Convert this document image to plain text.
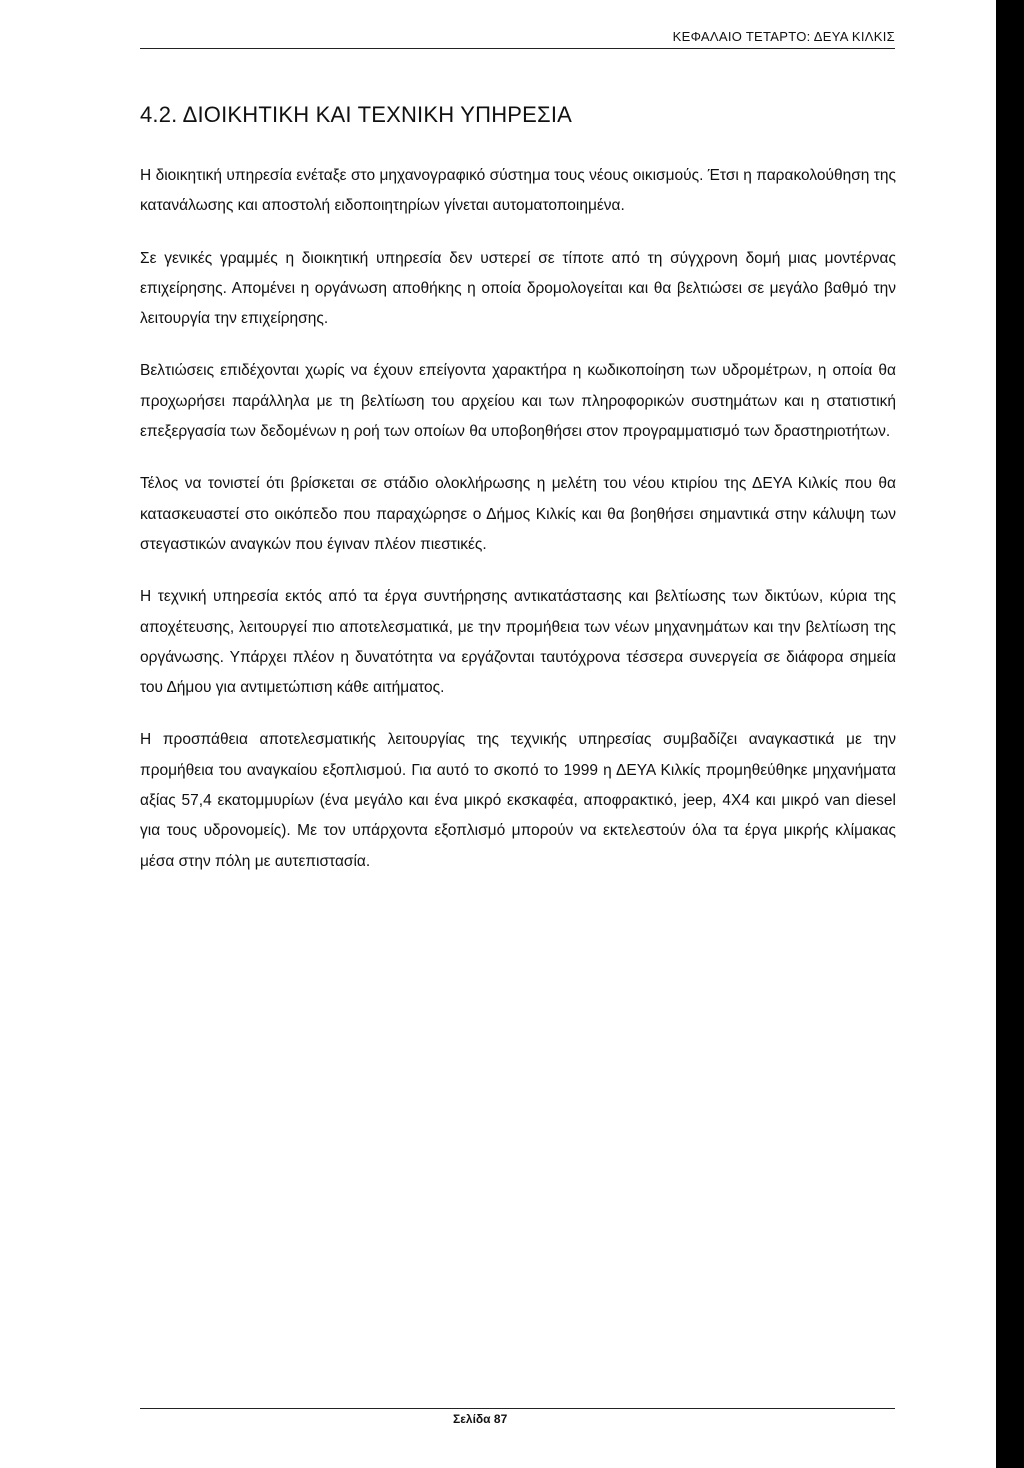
ΚΕΦΑΛΑΙΟ ΤΕΤΑΡΤΟ: ΔΕΥΑ ΚΙΛΚΙΣ
4.2. ΔΙΟΙΚΗΤΙΚΗ ΚΑΙ ΤΕΧΝΙΚΗ ΥΠΗΡΕΣΙΑ

Η διοικητική υπηρεσία ενέταξε στο μηχανογραφικό σύστημα τους νέους οικισμούς. Έτσι η παρακολούθηση της κατανάλωσης και αποστολή ειδοποιητηρίων γίνεται αυτοματοποιημένα.

Σε γενικές γραμμές η διοικητική υπηρεσία δεν υστερεί σε τίποτε από τη σύγχρονη δομή μιας μοντέρνας επιχείρησης. Απομένει η οργάνωση αποθήκης η οποία δρομολογείται και θα βελτιώσει σε μεγάλο βαθμό την λειτουργία την επιχείρησης.

Βελτιώσεις επιδέχονται χωρίς να έχουν επείγοντα χαρακτήρα η κωδικοποίηση των υδρομέτρων, η οποία θα προχωρήσει παράλληλα με τη βελτίωση του αρχείου και των πληροφορικών συστημάτων και η στατιστική επεξεργασία των δεδομένων η ροή των οποίων θα υποβοηθήσει στον προγραμματισμό των δραστηριοτήτων.

Τέλος να τονιστεί ότι βρίσκεται σε στάδιο ολοκλήρωσης η μελέτη του νέου κτιρίου της ΔΕΥΑ Κιλκίς που θα κατασκευαστεί στο οικόπεδο που παραχώρησε ο Δήμος Κιλκίς και θα βοηθήσει σημαντικά στην κάλυψη των στεγαστικών αναγκών που έγιναν πλέον πιεστικές.

Η τεχνική υπηρεσία εκτός από τα έργα συντήρησης αντικατάστασης και βελτίωσης των δικτύων, κύρια της αποχέτευσης, λειτουργεί πιο αποτελεσματικά, με την προμήθεια των νέων μηχανημάτων και την βελτίωση της οργάνωσης. Υπάρχει πλέον η δυνατότητα να εργάζονται ταυτόχρονα τέσσερα συνεργεία σε διάφορα σημεία του Δήμου για αντιμετώπιση κάθε αιτήματος.

Η προσπάθεια αποτελεσματικής λειτουργίας της τεχνικής υπηρεσίας συμβαδίζει αναγκαστικά με την προμήθεια του αναγκαίου εξοπλισμού. Για αυτό το σκοπό το 1999 η ΔΕΥΑ Κιλκίς προμηθεύθηκε μηχανήματα αξίας 57,4 εκατομμυρίων (ένα μεγάλο και ένα μικρό εκσκαφέα, αποφρακτικό, jeep, 4Χ4 και μικρό van diesel για τους υδρονομείς). Με τον υπάρχοντα εξοπλισμό μπορούν να εκτελεστούν όλα τα έργα μικρής κλίμακας μέσα στην πόλη με αυτεπιστασία.

Σελίδα 87
